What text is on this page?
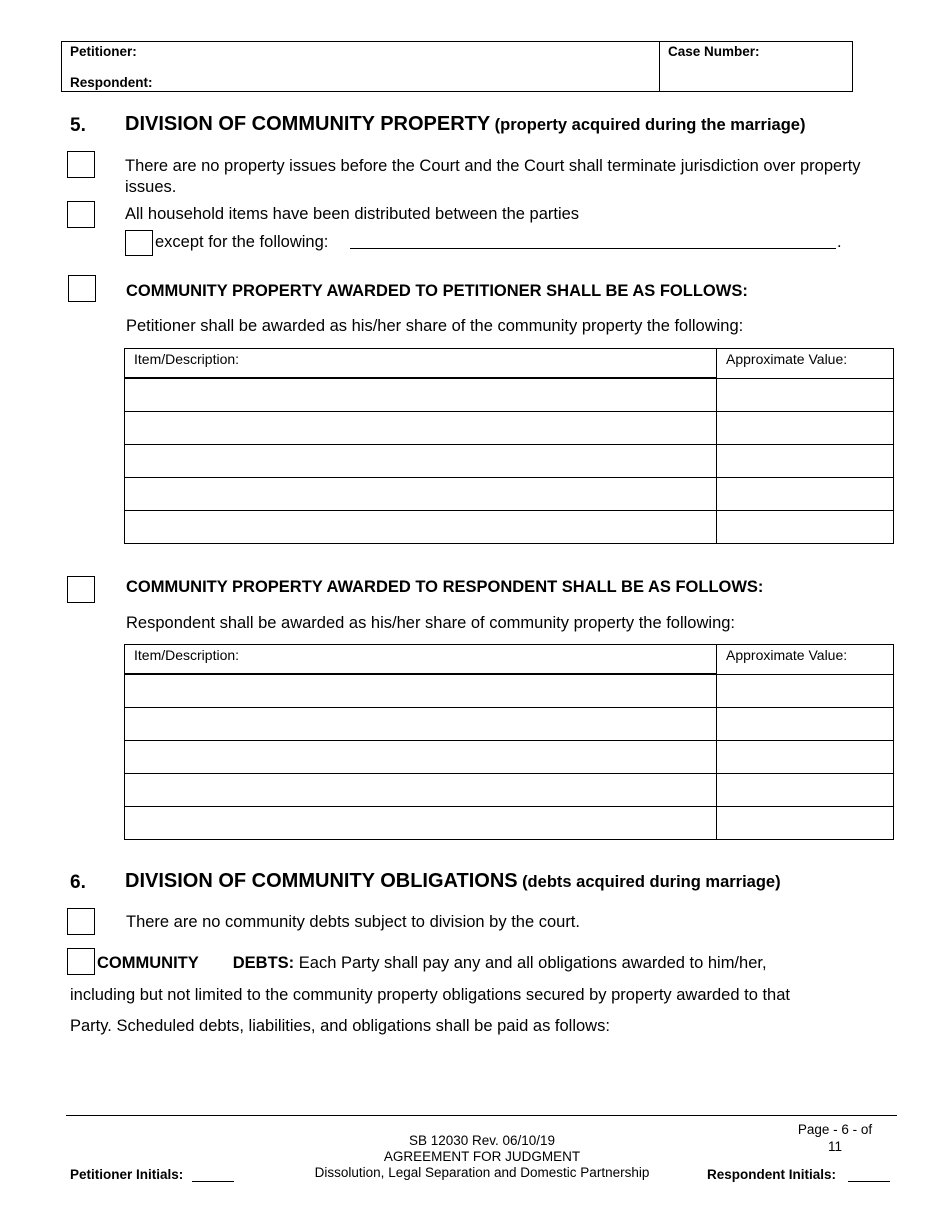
Petitioner:
Respondent:
Case Number:
5. DIVISION OF COMMUNITY PROPERTY (property acquired during the marriage)
There are no property issues before the Court and the Court shall terminate jurisdiction over property issues.
All household items have been distributed between the parties
except for the following:	.
COMMUNITY PROPERTY AWARDED TO PETITIONER SHALL BE AS FOLLOWS:
Petitioner shall be awarded as his/her share of the community property the following:
Item/Description:	Approximate Value:

COMMUNITY PROPERTY AWARDED TO RESPONDENT SHALL BE AS FOLLOWS:
Respondent shall be awarded as his/her share of community property the following:
Item/Description:	Approximate Value:

6. DIVISION OF COMMUNITY OBLIGATIONS (debts acquired during marriage)
There are no community debts subject to division by the court.
COMMUNITY DEBTS: Each Party shall pay any and all obligations awarded to him/her,
including but not limited to the community property obligations secured by property awarded to that
Party. Scheduled debts, liabilities, and obligations shall be paid as follows:
Page - 6 - of
11
SB 12030 Rev. 06/10/19
AGREEMENT FOR JUDGMENT
Dissolution, Legal Separation and Domestic Partnership
Petitioner Initials:	Respondent Initials:
